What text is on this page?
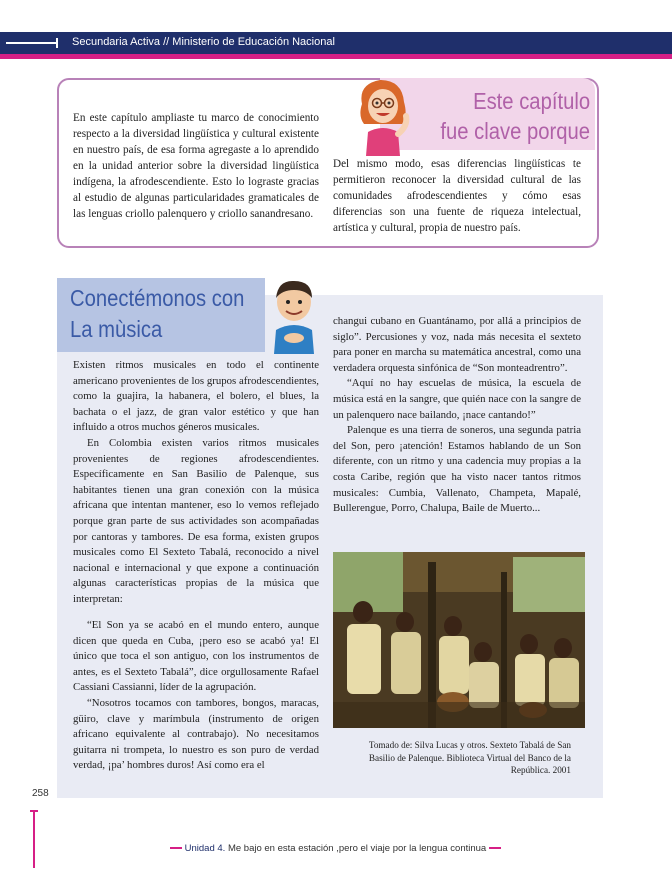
Secundaria Activa // Ministerio de Educación Nacional
Este capítulo
fue clave porque

En este capítulo ampliaste tu marco de conocimiento respecto a la diversidad lingüística y cultural existente en nuestro país, de esa forma agregaste a lo aprendido en la unidad anterior sobre la diversidad lingüística indígena, la afrodescendiente. Esto lo lograste gracias al estudio de algunas particularidades gramaticales de las lenguas criollo palenquero y criollo sanandresano.

Del mismo modo, esas diferencias lingüísticas te permitieron reconocer la diversidad cultural de las comunidades afrodescendientes y cómo esas diferencias son una fuente de riqueza intelectual, artística y cultural, propia de nuestro país.

Conectémonos con
La mùsica
Existen ritmos musicales en todo el continente americano provenientes de los grupos afrodescendientes, como la guajira, la habanera, el bolero, el blues, la bachata o el jazz, de gran valor estético y que han influido a otros muchos géneros musicales.
En Colombia existen varios ritmos musicales provenientes de regiones afrodescendientes. Específicamente en San Basilio de Palenque, sus habitantes tienen una gran conexión con la música africana que intentan mantener, eso lo vemos reflejado porque gran parte de sus actividades son acompañadas por cantoras y tambores. De esa forma, existen grupos musicales como El Sexteto Tabalá, reconocido a nivel nacional e internacional y que expone a continuación algunas características propias de la música que interpretan:
“El Son ya se acabó en el mundo entero, aunque dicen que queda en Cuba, ¡pero eso se acabó ya! El único que toca el son antiguo, con los instrumentos de antes, es el Sexteto Tabalá”, dice orgullosamente Rafael Cassiani Cassianni, líder de la agrupación.
“Nosotros tocamos con tambores, bongos, maracas, güiro, clave y marímbula (instrumento de origen africano equivalente al contrabajo). No necesitamos guitarra ni trompeta, lo nuestro es son puro de verdad verdad, ¡pa’ hombres duros! Así como era el
changui cubano en Guantánamo, por allá a principios de siglo”. Percusiones y voz, nada más necesita el sexteto para poner en marcha su matemática ancestral, como una verdadera orquesta sinfónica de “Son monteadrentro”.
“Aquí no hay escuelas de música, la escuela de música está en la sangre, que quién nace con la sangre de un palenquero nace bailando, ¡nace cantando!”
Palenque es una tierra de soneros, una segunda patria del Son, pero ¡atención! Estamos hablando de un Son diferente, con un ritmo y una cadencia muy propias a la costa Caribe, región que ha visto nacer tantos ritmos musicales: Cumbia, Vallenato, Champeta, Mapalé, Bullerengue, Porro, Chalupa, Baile de Muerto...
Tomado de: Silva Lucas y otros. Sexteto Tabalá de San Basilio de Palenque. Biblioteca Virtual del Banco de la República. 2001
258
Unidad 4. Me bajo en esta estación ,pero el viaje por la lengua continua
